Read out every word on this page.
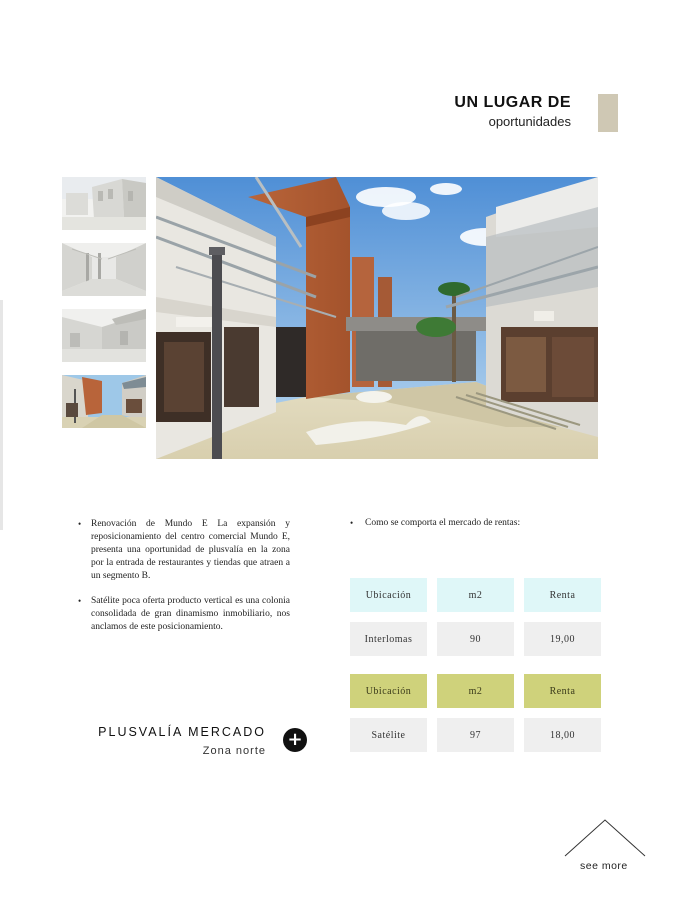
UN LUGAR DE
oportunidades
•	Renovación de Mundo E La expansión y reposicionamiento del centro comercial Mundo E, presenta una oportunidad de plusvalía en la zona por la entrada de restaurantes y tiendas que atraen a un segmento B.
•	Satélite poca oferta producto vertical es una colonia consolidada de gran dinamismo inmobiliario, nos anclamos de este posicionamiento.
•	Como se comporta el mercado de rentas:
Ubicación	m2	Renta
Interlomas	90	19,00
Ubicación	m2	Renta
Satélite	97	18,00
PLUSVALÍA MERCADO
Zona norte
+
see more
